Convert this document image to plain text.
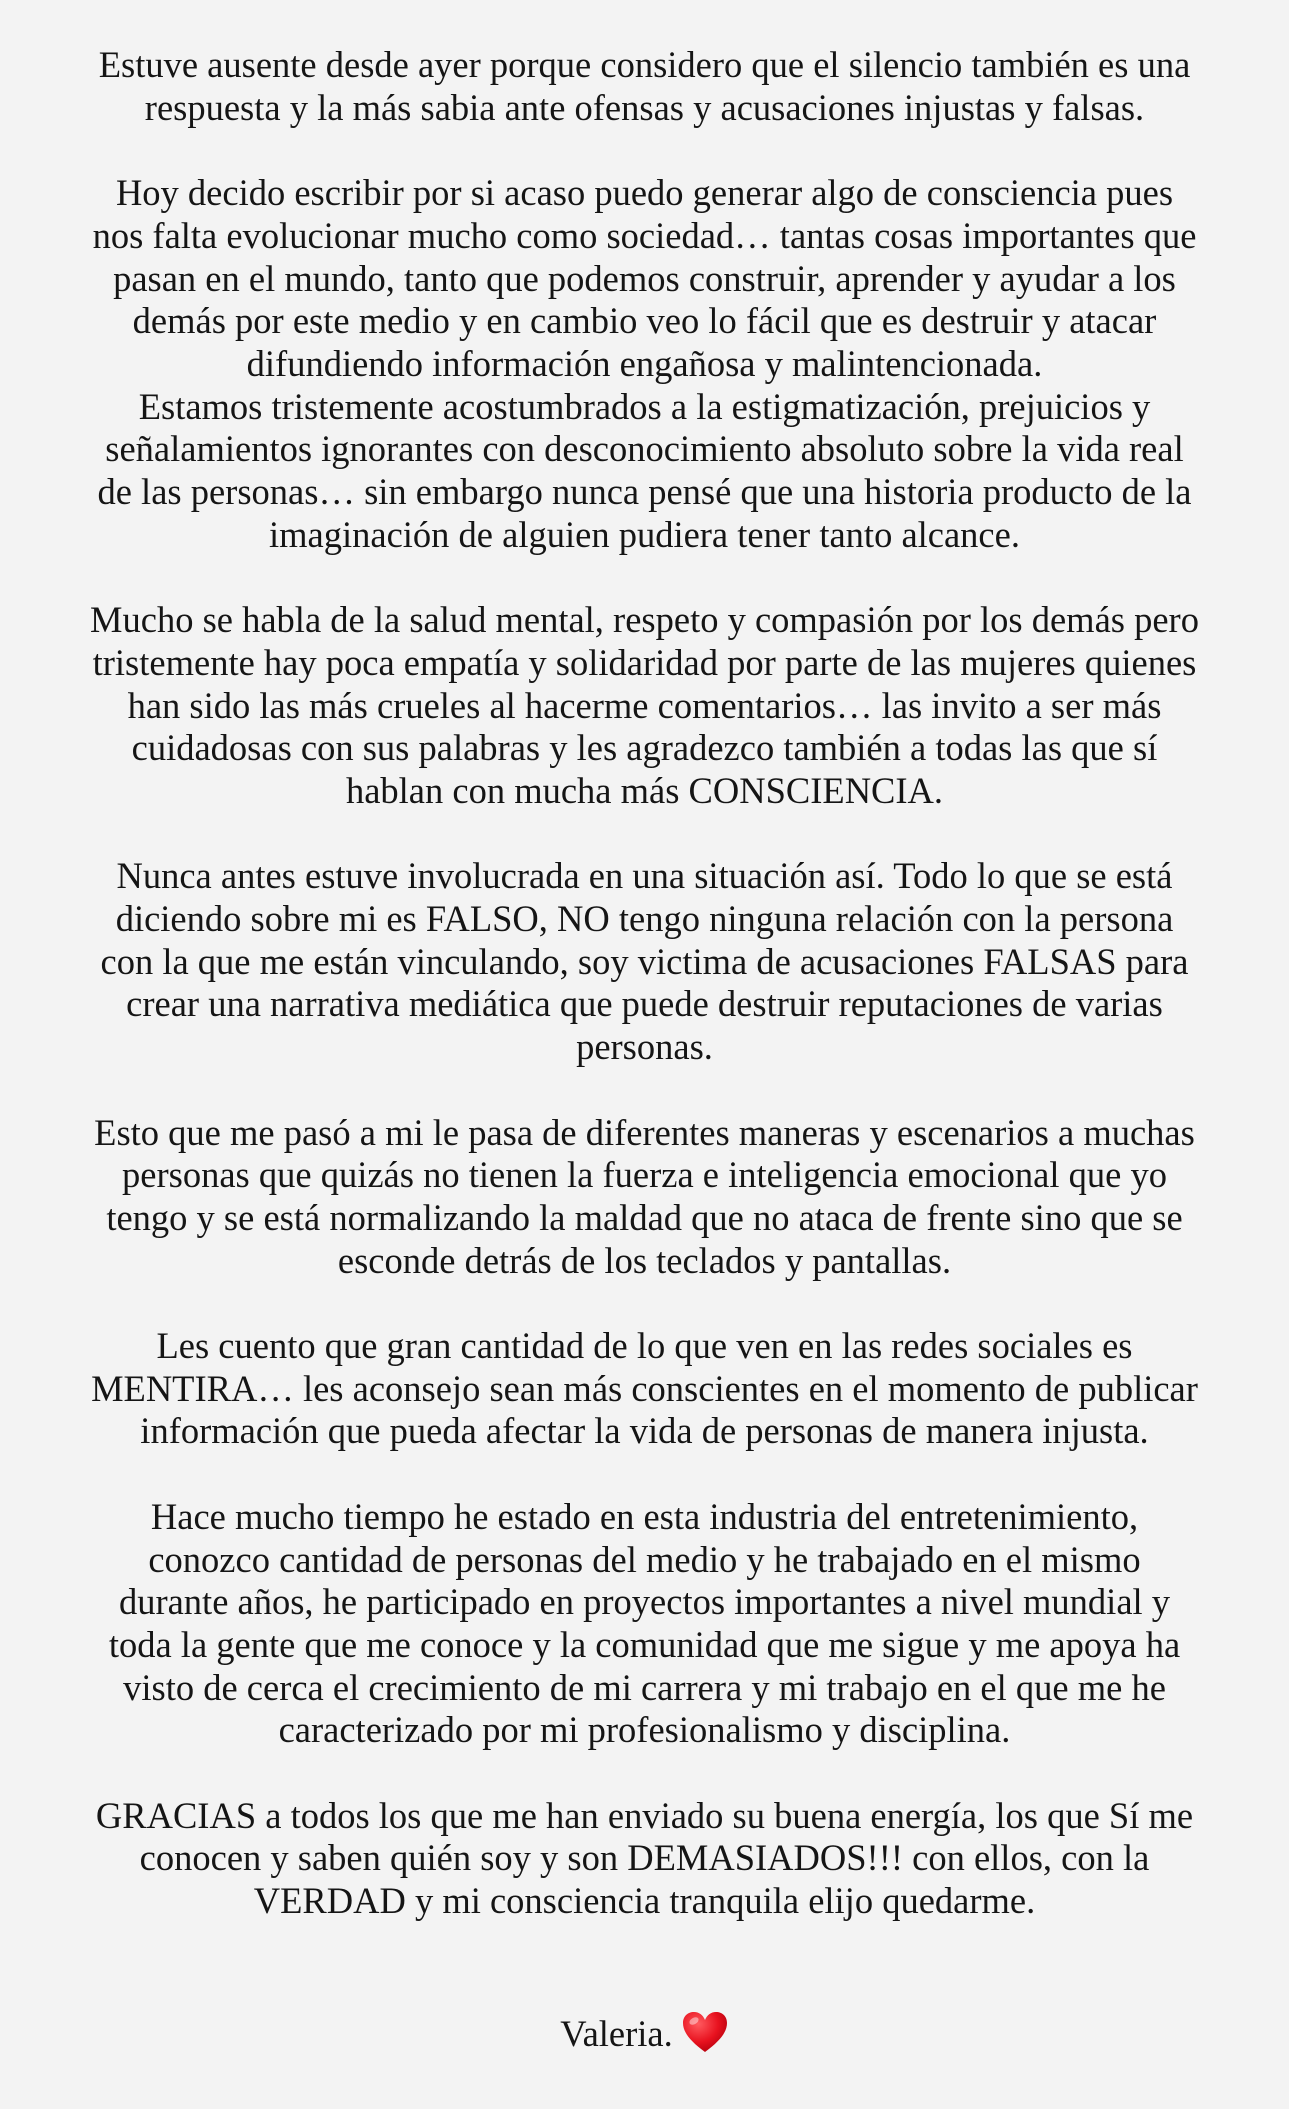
Estuve ausente desde ayer porque considero que el silencio también es una
respuesta y la más sabia ante ofensas y acusaciones injustas y falsas.
Hoy decido escribir por si acaso puedo generar algo de consciencia pues
nos falta evolucionar mucho como sociedad… tantas cosas importantes que
pasan en el mundo, tanto que podemos construir, aprender y ayudar a los
demás por este medio y en cambio veo lo fácil que es destruir y atacar
difundiendo información engañosa y malintencionada.
Estamos tristemente acostumbrados a la estigmatización, prejuicios y
señalamientos ignorantes con desconocimiento absoluto sobre la vida real
de las personas… sin embargo nunca pensé que una historia producto de la
imaginación de alguien pudiera tener tanto alcance.
Mucho se habla de la salud mental, respeto y compasión por los demás pero
tristemente hay poca empatía y solidaridad por parte de las mujeres quienes
han sido las más crueles al hacerme comentarios… las invito a ser más
cuidadosas con sus palabras y les agradezco también a todas las que sí
hablan con mucha más CONSCIENCIA.
Nunca antes estuve involucrada en una situación así. Todo lo que se está
diciendo sobre mi es FALSO, NO tengo ninguna relación con la persona
con la que me están vinculando, soy victima de acusaciones FALSAS para
crear una narrativa mediática que puede destruir reputaciones de varias
personas.
Esto que me pasó a mi le pasa de diferentes maneras y escenarios a muchas
personas que quizás no tienen la fuerza e inteligencia emocional que yo
tengo y se está normalizando la maldad que no ataca de frente sino que se
esconde detrás de los teclados y pantallas.
Les cuento que gran cantidad de lo que ven en las redes sociales es
MENTIRA… les aconsejo sean más conscientes en el momento de publicar
información que pueda afectar la vida de personas de manera injusta.
Hace mucho tiempo he estado en esta industria del entretenimiento,
conozco cantidad de personas del medio y he trabajado en el mismo
durante años, he participado en proyectos importantes a nivel mundial y
toda la gente que me conoce y la comunidad que me sigue y me apoya ha
visto de cerca el crecimiento de mi carrera y mi trabajo en el que me he
caracterizado por mi profesionalismo y disciplina.
GRACIAS a todos los que me han enviado su buena energía, los que Sí me
conocen y saben quién soy y son DEMASIADOS!!! con ellos, con la
VERDAD y mi consciencia tranquila elijo quedarme.
Valeria.
